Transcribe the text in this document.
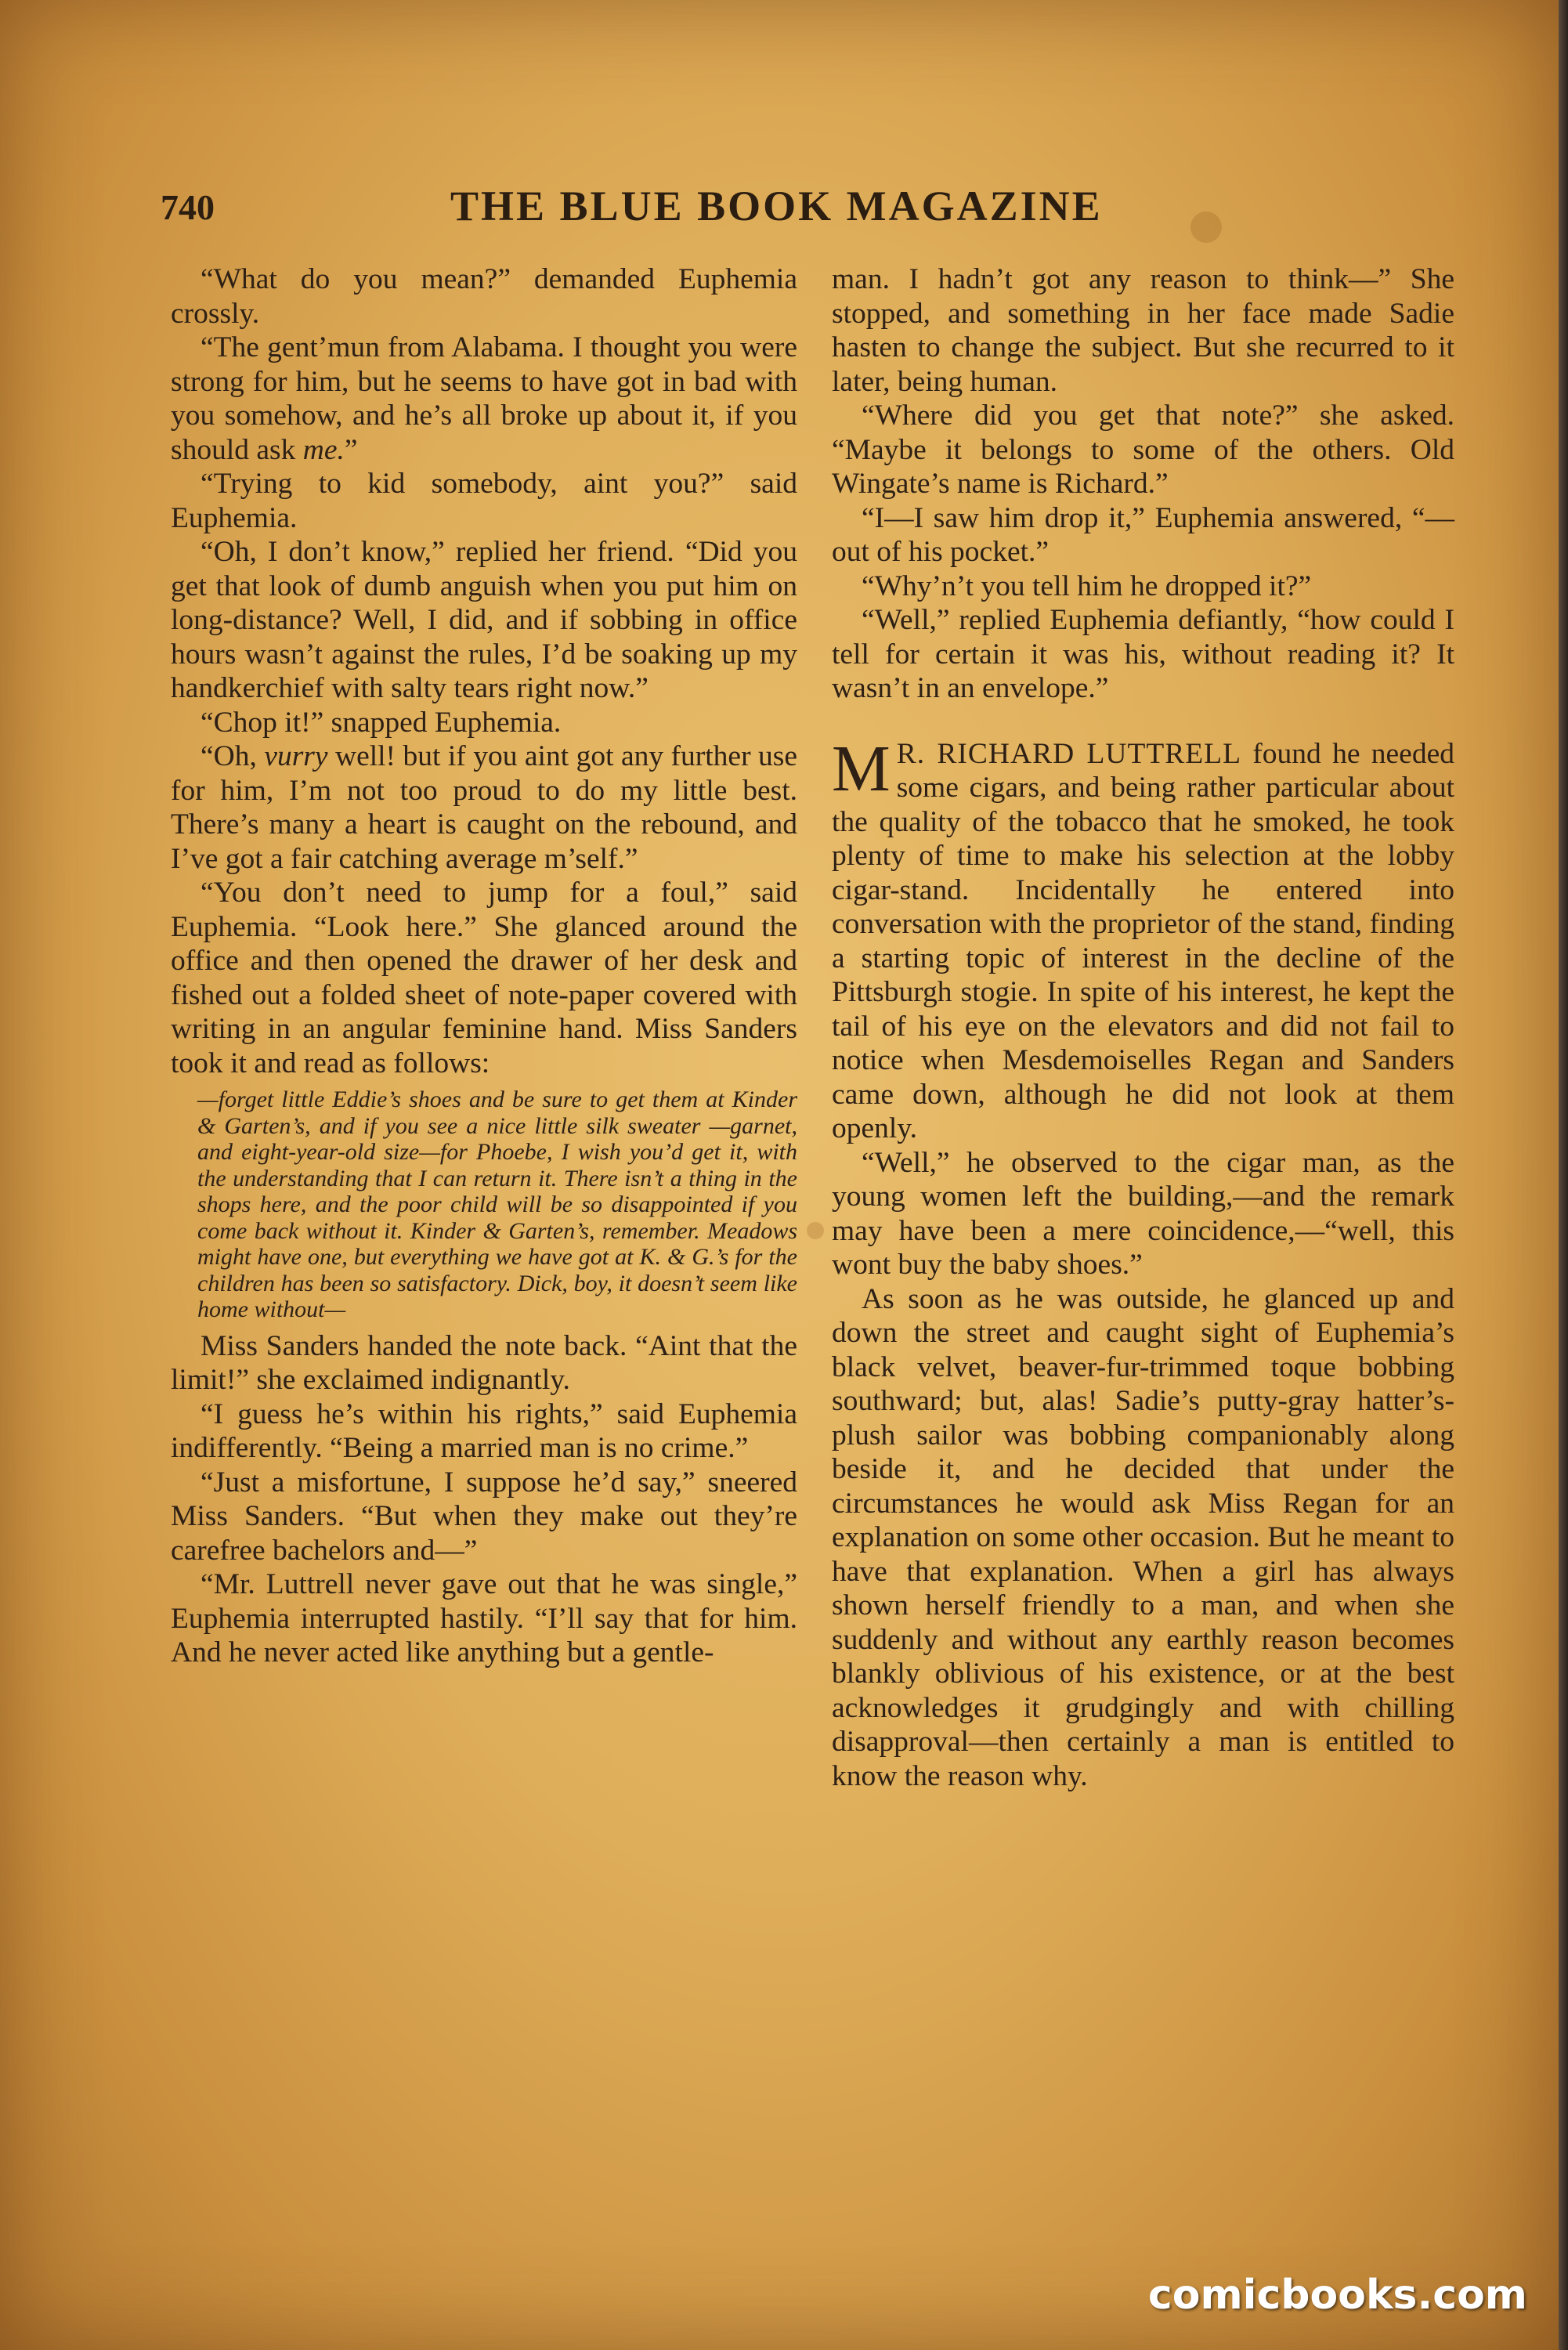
740	THE BLUE BOOK MAGAZINE

“What do you mean?” demanded Euphemia crossly.

“The gent’mun from Alabama. I thought you were strong for him, but he seems to have got in bad with you somehow, and he’s all broke up about it, if you should ask me.”

“Trying to kid somebody, aint you?” said Euphemia.

“Oh, I don’t know,” replied her friend. “Did you get that look of dumb anguish when you put him on long-distance? Well, I did, and if sobbing in office hours wasn’t against the rules, I’d be soaking up my handkerchief with salty tears right now.”

“Chop it!” snapped Euphemia.

“Oh, vurry well! but if you aint got any further use for him, I’m not too proud to do my little best. There’s many a heart is caught on the rebound, and I’ve got a fair catching average m’self.”

“You don’t need to jump for a foul,” said Euphemia. “Look here.” She glanced around the office and then opened the drawer of her desk and fished out a folded sheet of note-paper covered with writing in an angular feminine hand. Miss Sanders took it and read as follows:

—forget little Eddie’s shoes and be sure to get them at Kinder & Garten’s, and if you see a nice little silk sweater —garnet, and eight-year-old size—for Phoebe, I wish you’d get it, with the understanding that I can return it. There isn’t a thing in the shops here, and the poor child will be so disappointed if you come back without it. Kinder & Garten’s, remember. Meadows might have one, but everything we have got at K. & G.’s for the children has been so satisfactory. Dick, boy, it doesn’t seem like home without—

Miss Sanders handed the note back. “Aint that the limit!” she exclaimed indignantly.

“I guess he’s within his rights,” said Euphemia indifferently. “Being a married man is no crime.”

“Just a misfortune, I suppose he’d say,” sneered Miss Sanders. “But when they make out they’re carefree bachelors and—”

“Mr. Luttrell never gave out that he was single,” Euphemia interrupted hastily. “I’ll say that for him. And he never acted like anything but a gentle-

man. I hadn’t got any reason to think—” She stopped, and something in her face made Sadie hasten to change the subject. But she recurred to it later, being human.

“Where did you get that note?” she asked. “Maybe it belongs to some of the others. Old Wingate’s name is Richard.”

“I—I saw him drop it,” Euphemia answered, “—out of his pocket.”

“Why’n’t you tell him he dropped it?”

“Well,” replied Euphemia defiantly, “how could I tell for certain it was his, without reading it? It wasn’t in an envelope.”

M R. RICHARD LUTTRELL found he needed some cigars, and being rather particular about the quality of the tobacco that he smoked, he took plenty of time to make his selection at the lobby cigar-stand. Incidentally he entered into conversation with the proprietor of the stand, finding a starting topic of interest in the decline of the Pittsburgh stogie. In spite of his interest, he kept the tail of his eye on the elevators and did not fail to notice when Mesdemoiselles Regan and Sanders came down, although he did not look at them openly.

“Well,” he observed to the cigar man, as the young women left the building,—and the remark may have been a mere coincidence,—“well, this wont buy the baby shoes.”

As soon as he was outside, he glanced up and down the street and caught sight of Euphemia’s black velvet, beaver-fur-trimmed toque bobbing southward; but, alas! Sadie’s putty-gray hatter’s-plush sailor was bobbing companionably along beside it, and he decided that under the circumstances he would ask Miss Regan for an explanation on some other occasion. But he meant to have that explanation. When a girl has always shown herself friendly to a man, and when she suddenly and without any earthly reason becomes blankly oblivious of his existence, or at the best acknowledges it grudgingly and with chilling disapproval—then certainly a man is entitled to know the reason why.

comicbooks.com
